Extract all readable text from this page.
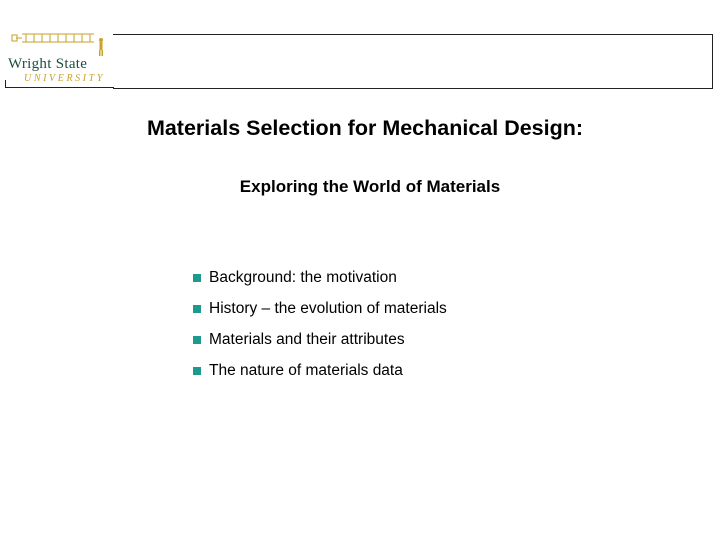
Wright State
UNIVERSITY
Materials Selection for Mechanical Design:
Exploring the World of Materials
Background: the motivation
History – the evolution of materials
Materials and their attributes
The nature of materials data
